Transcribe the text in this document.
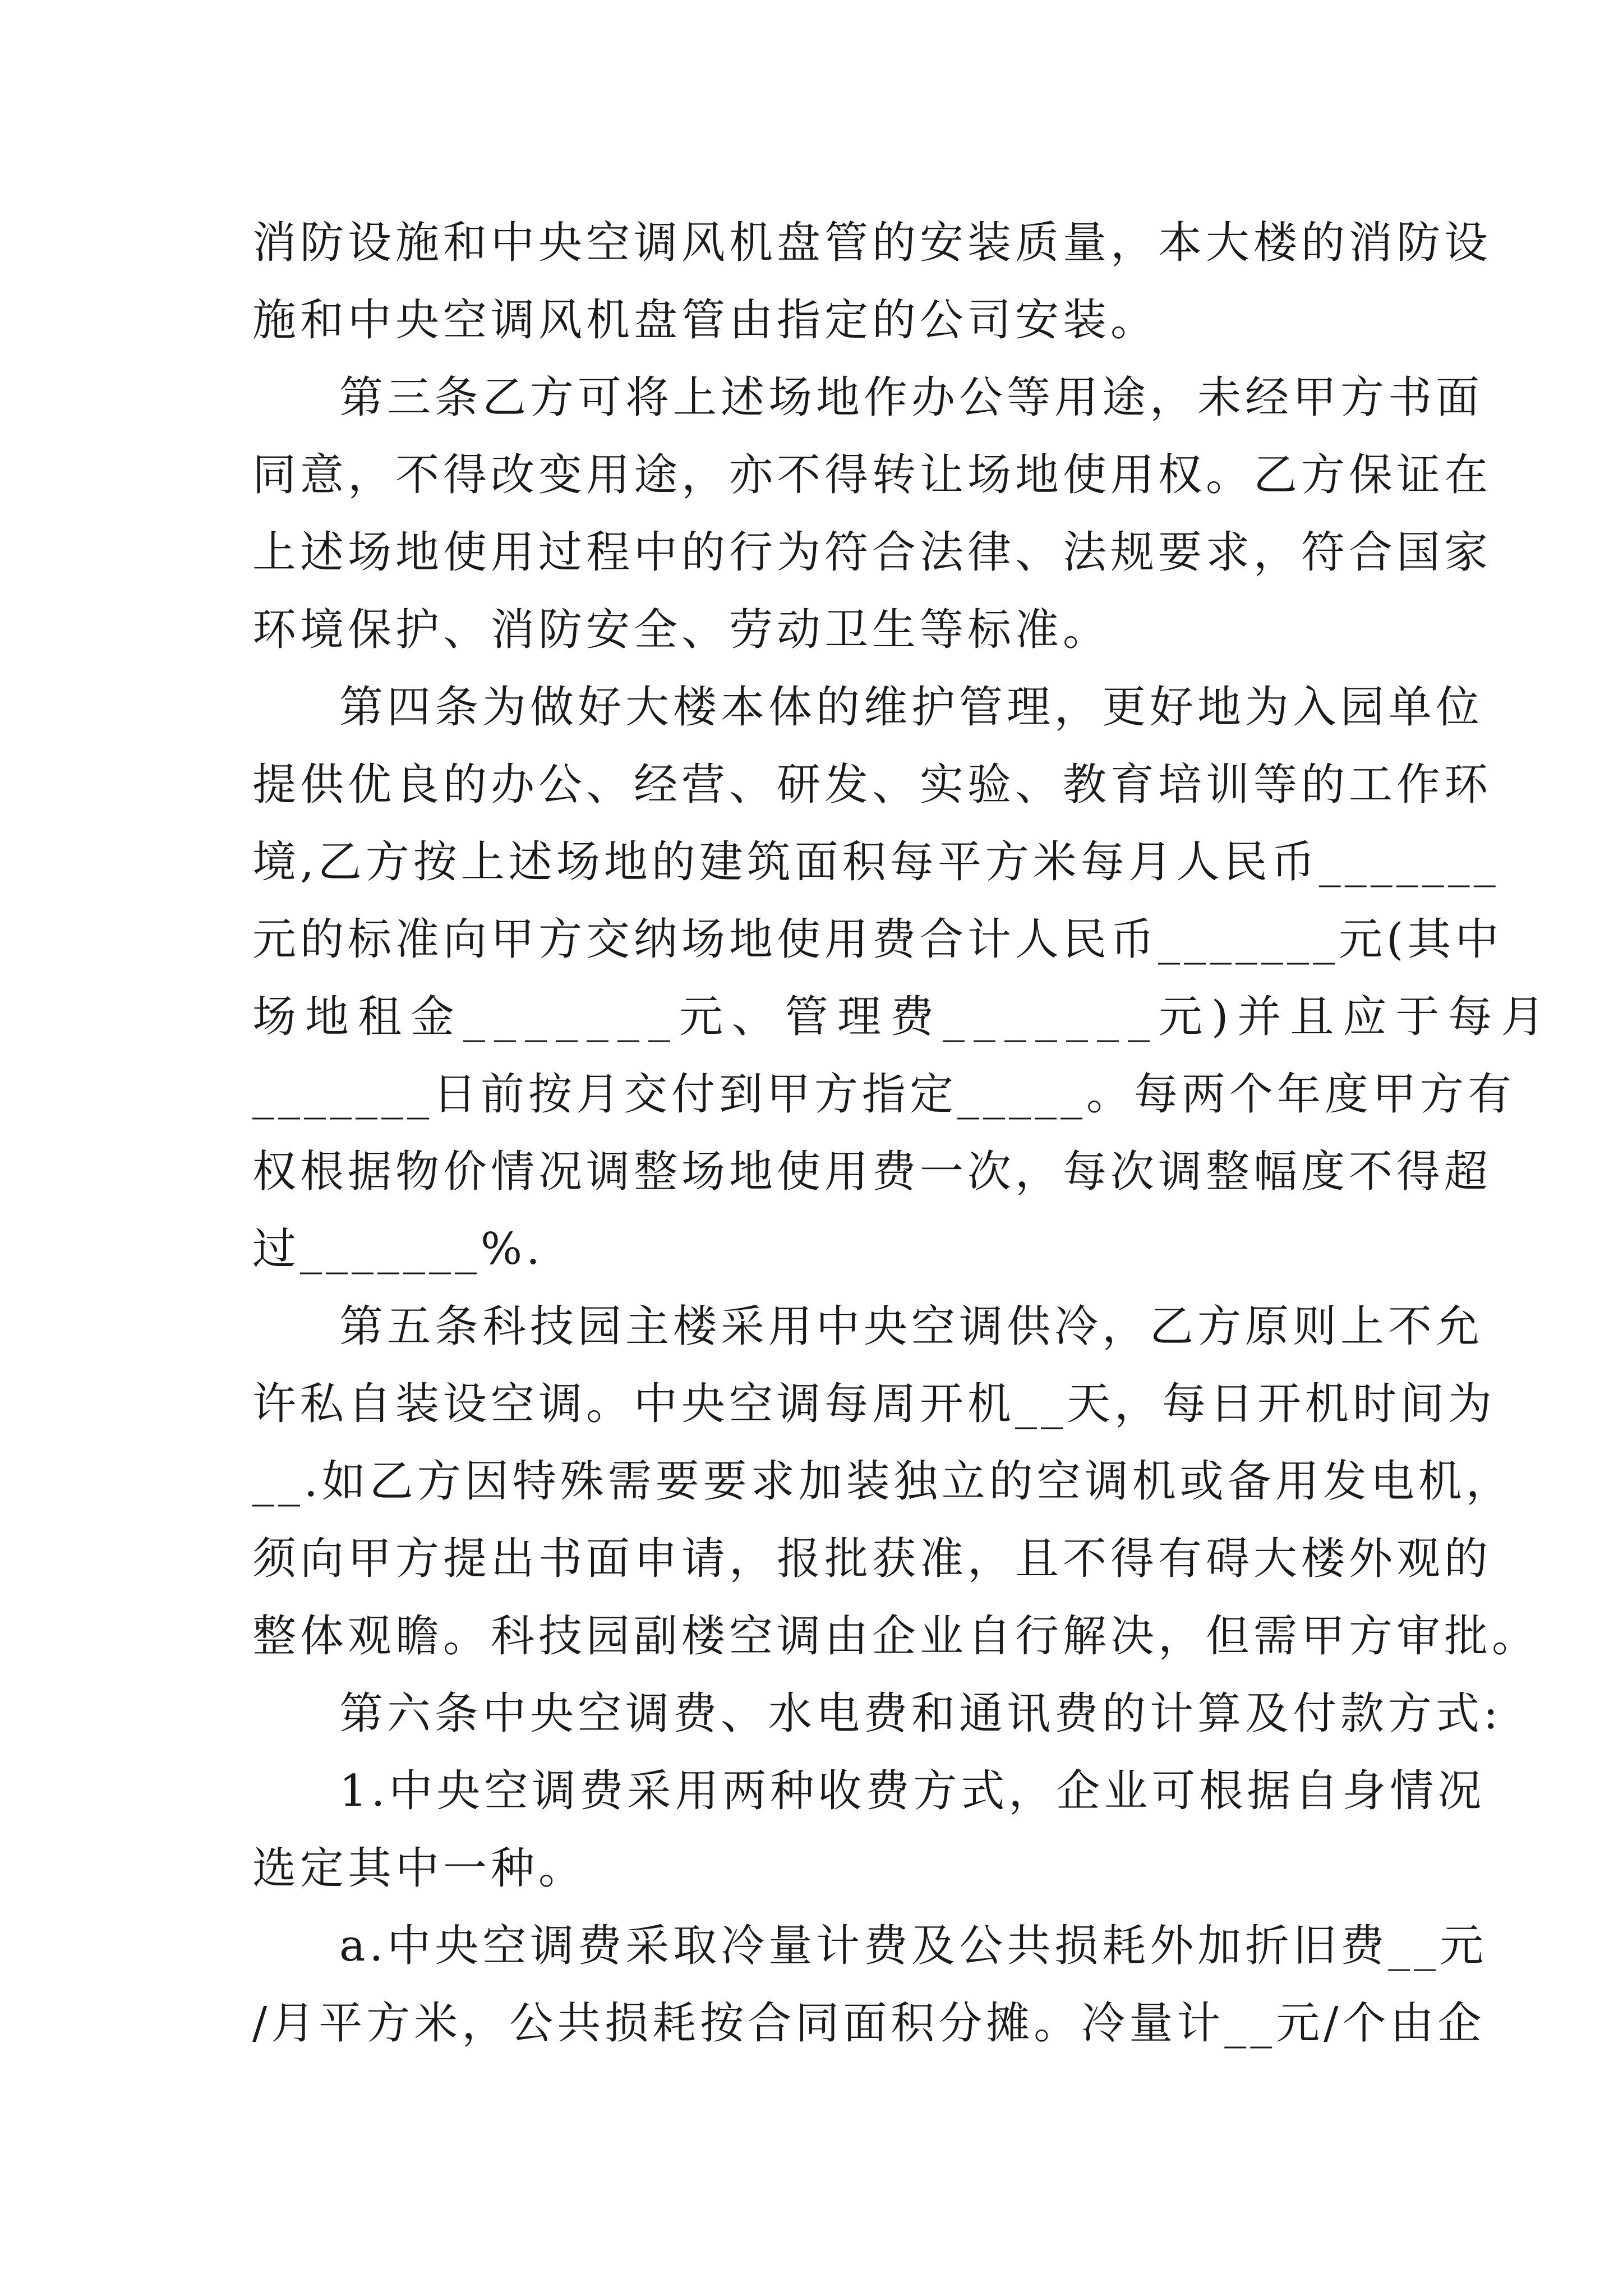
消防设施和中央空调风机盘管的安装质量，本大楼的消防设
施和中央空调风机盘管由指定的公司安装。
第三条乙方可将上述场地作办公等用途，未经甲方书面
同意，不得改变用途，亦不得转让场地使用权。乙方保证在
上述场地使用过程中的行为符合法律、法规要求，符合国家
环境保护、消防安全、劳动卫生等标准。
第四条为做好大楼本体的维护管理，更好地为入园单位
提供优良的办公、经营、研发、实验、教育培训等的工作环
境,乙方按上述场地的建筑面积每平方米每月人民币_______
元的标准向甲方交纳场地使用费合计人民币_______元(其中
场地租金_______元、管理费_______元)并且应于每月
_______日前按月交付到甲方指定_____。每两个年度甲方有
权根据物价情况调整场地使用费一次，每次调整幅度不得超
过_______%.
第五条科技园主楼采用中央空调供冷，乙方原则上不允
许私自装设空调。中央空调每周开机__天，每日开机时间为
__.如乙方因特殊需要要求加装独立的空调机或备用发电机，
须向甲方提出书面申请，报批获准，且不得有碍大楼外观的
整体观瞻。科技园副楼空调由企业自行解决，但需甲方审批。
第六条中央空调费、水电费和通讯费的计算及付款方式:
1.中央空调费采用两种收费方式，企业可根据自身情况
选定其中一种。
a.中央空调费采取冷量计费及公共损耗外加折旧费__元
/月平方米，公共损耗按合同面积分摊。冷量计__元/个由企
